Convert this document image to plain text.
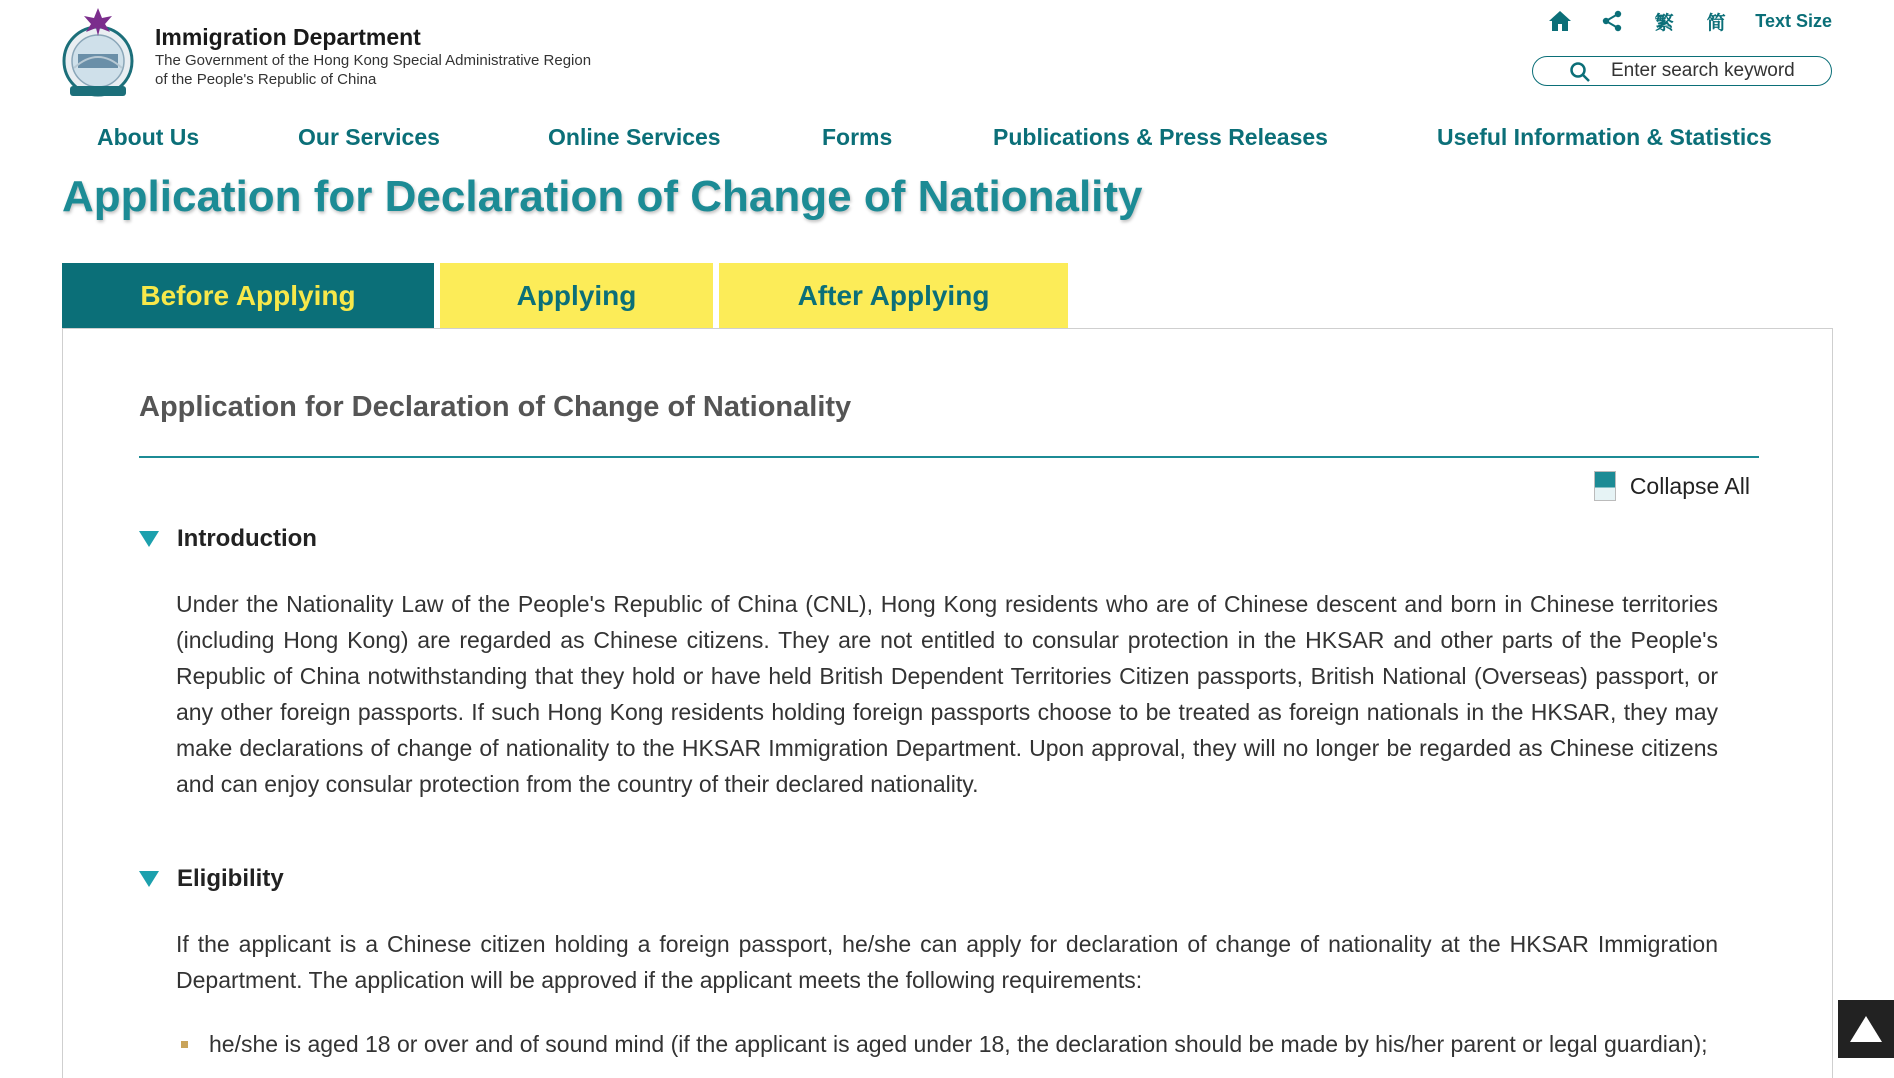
Immigration Department
The Government of the Hong Kong Special Administrative Region
of the People's Republic of China
繁 简 Text Size
Enter search keyword
About Us	Our Services	Online Services	Forms	Publications & Press Releases	Useful Information & Statistics
Application for Declaration of Change of Nationality
Before Applying	Applying	After Applying
Application for Declaration of Change of Nationality
Collapse All
Introduction
Under the Nationality Law of the People's Republic of China (CNL), Hong Kong residents who are of Chinese descent and born in Chinese territories (including Hong Kong) are regarded as Chinese citizens. They are not entitled to consular protection in the HKSAR and other parts of the People's Republic of China notwithstanding that they hold or have held British Dependent Territories Citizen passports, British National (Overseas) passport, or any other foreign passports. If such Hong Kong residents holding foreign passports choose to be treated as foreign nationals in the HKSAR, they may make declarations of change of nationality to the HKSAR Immigration Department. Upon approval, they will no longer be regarded as Chinese citizens and can enjoy consular protection from the country of their declared nationality.
Eligibility
If the applicant is a Chinese citizen holding a foreign passport, he/she can apply for declaration of change of nationality at the HKSAR Immigration Department. The application will be approved if the applicant meets the following requirements:
he/she is aged 18 or over and of sound mind (if the applicant is aged under 18, the declaration should be made by his/her parent or legal guardian);
